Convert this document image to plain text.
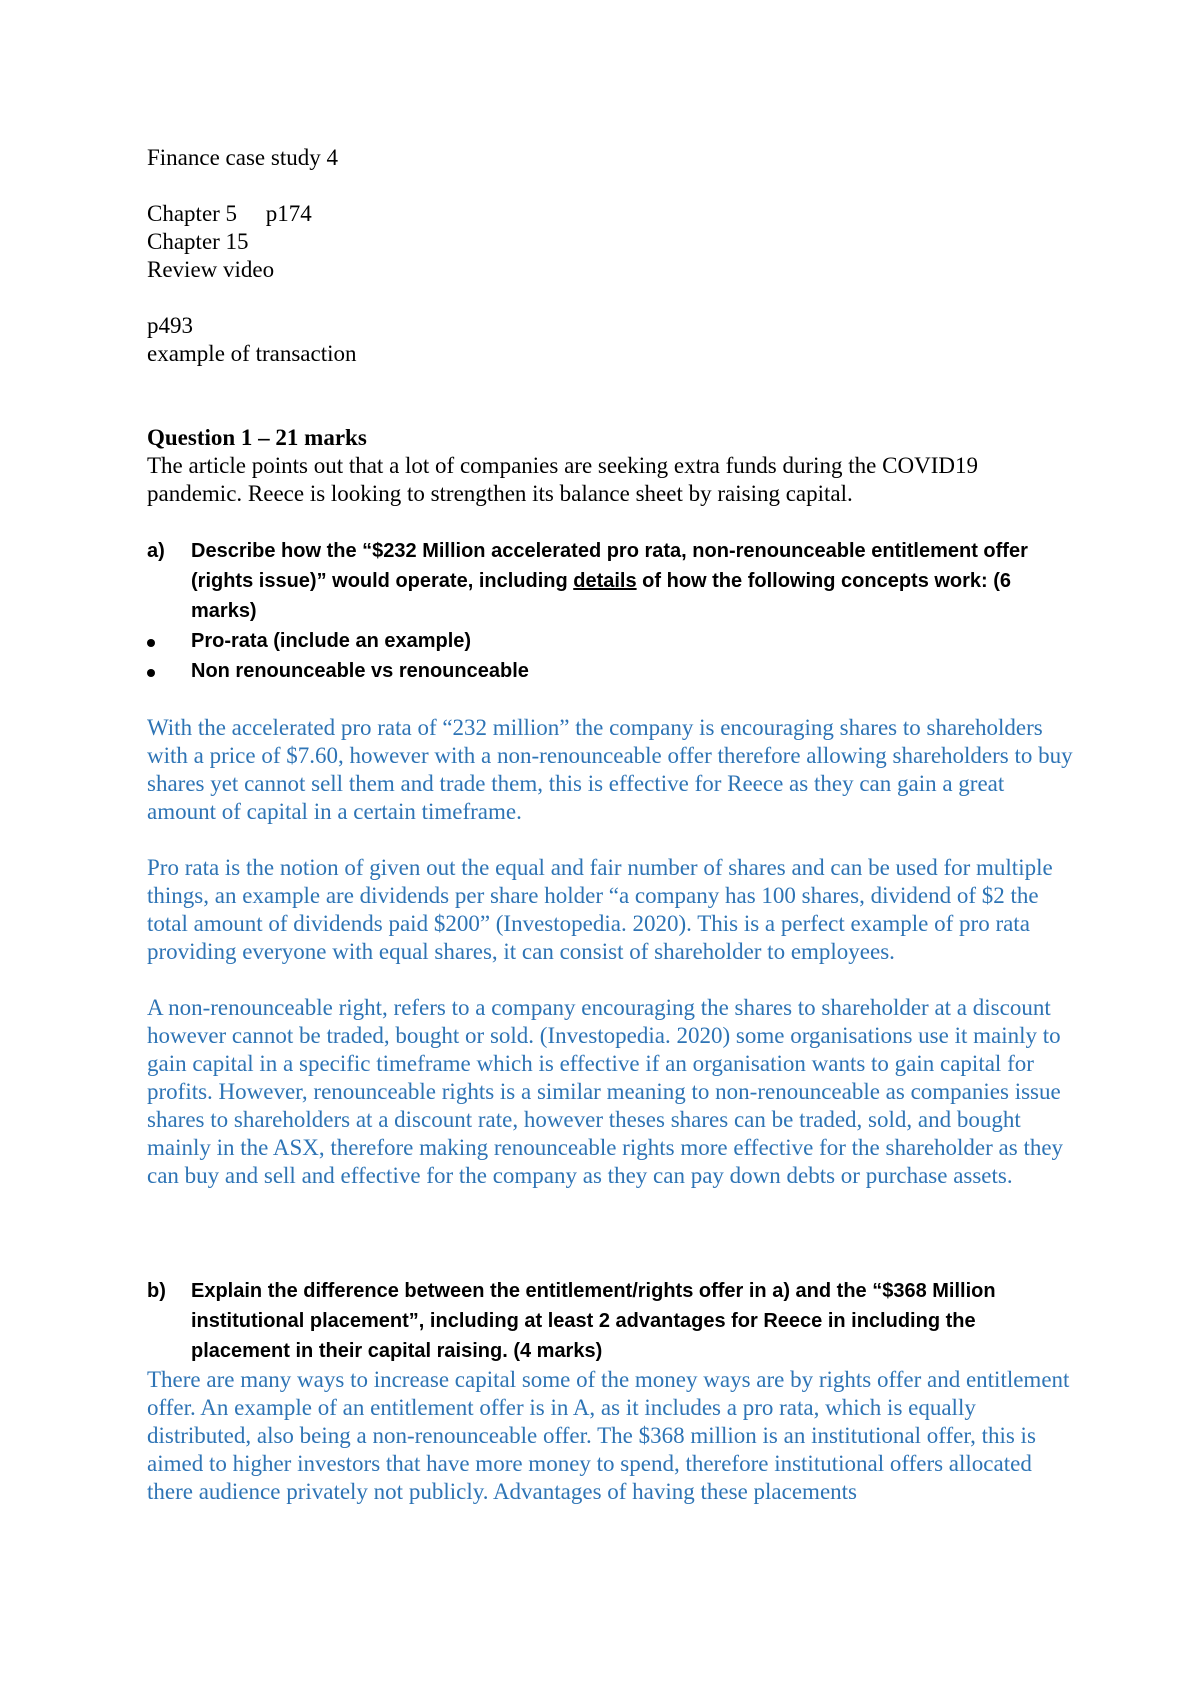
Finance case study 4
Chapter 5     p174
Chapter 15
Review video
p493
example of transaction
Question 1 – 21 marks

The article points out that a lot of companies are seeking extra funds during the COVID19 pandemic. Reece is looking to strengthen its balance sheet by raising capital.

a)	Describe how the “$232 Million accelerated pro rata, non-renounceable entitlement offer (rights issue)” would operate, including details of how the following concepts work: (6 marks)
Pro-rata (include an example)
Non renounceable vs renounceable

With the accelerated pro rata of “232 million” the company is encouraging shares to shareholders with a price of $7.60, however with a non-renounceable offer therefore allowing shareholders to buy shares yet cannot sell them and trade them, this is effective for Reece as they can gain a great amount of capital in a certain timeframe.

Pro rata is the notion of given out the equal and fair number of shares and can be used for multiple things, an example are dividends per share holder “a company has 100 shares, dividend of $2 the total amount of dividends paid $200” (Investopedia. 2020). This is a perfect example of pro rata providing everyone with equal shares, it can consist of shareholder to employees.

A non-renounceable right, refers to a company encouraging the shares to shareholder at a discount however cannot be traded, bought or sold. (Investopedia. 2020) some organisations use it mainly to gain capital in a specific timeframe which is effective if an organisation wants to gain capital for profits. However, renounceable rights is a similar meaning to non-renounceable as companies issue shares to shareholders at a discount rate, however theses shares can be traded, sold, and bought mainly in the ASX, therefore making renounceable rights more effective for the shareholder as they can buy and sell and effective for the company as they can pay down debts or purchase assets.

b)	Explain the difference between the entitlement/rights offer in a) and the “$368 Million institutional placement”, including at least 2 advantages for Reece in including the placement in their capital raising. (4 marks)

There are many ways to increase capital some of the money ways are by rights offer and entitlement offer. An example of an entitlement offer is in A, as it includes a pro rata, which is equally distributed, also being a non-renounceable offer. The $368 million is an institutional offer, this is aimed to higher investors that have more money to spend, therefore institutional offers allocated there audience privately not publicly. Advantages of having these placements
